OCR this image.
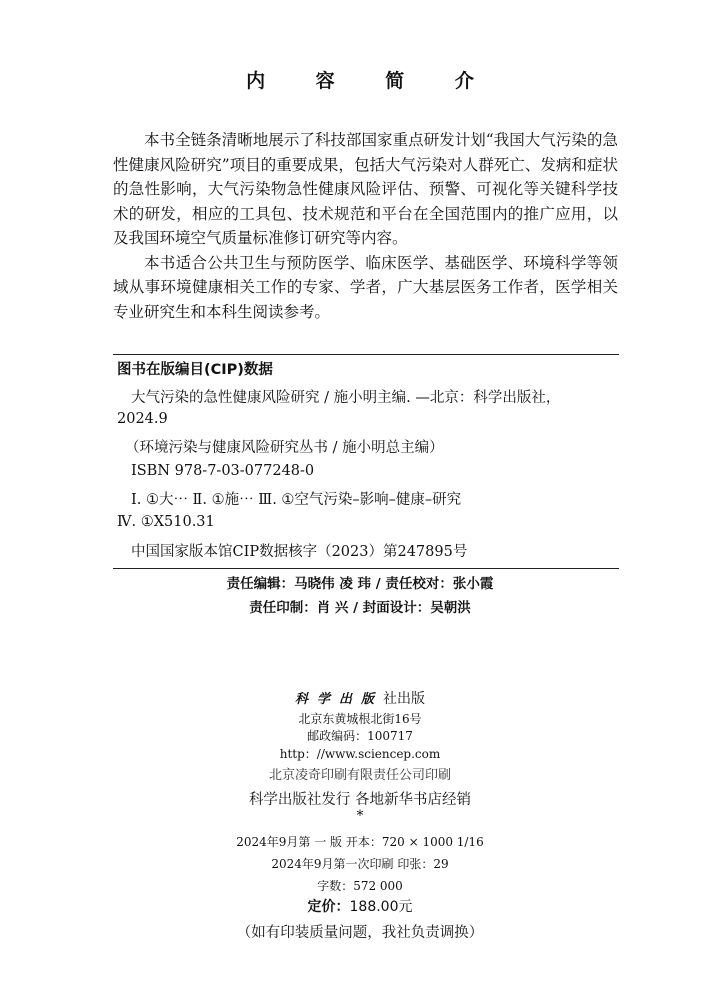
内 容 简 介

本书全链条清晰地展示了科技部国家重点研发计划“我国大气污染的急性健康风险研究”项目的重要成果，包括大气污染对人群死亡、发病和症状的急性影响，大气污染物急性健康风险评估、预警、可视化等关键科学技术的研发，相应的工具包、技术规范和平台在全国范围内的推广应用，以及我国环境空气质量标准修订研究等内容。

本书适合公共卫生与预防医学、临床医学、基础医学、环境科学等领域从事环境健康相关工作的专家、学者，广大基层医务工作者，医学相关专业研究生和本科生阅读参考。

图书在版编目(CIP)数据
大气污染的急性健康风险研究 / 施小明主编. —北京：科学出版社，
2024.9
（环境污染与健康风险研究丛书 / 施小明总主编）
ISBN 978-7-03-077248-0
Ⅰ. ①大⋯ Ⅱ. ①施⋯ Ⅲ. ①空气污染–影响–健康–研究
Ⅳ. ①X510.31
中国国家版本馆CIP数据核字（2023）第247895号
责任编辑：马晓伟 凌 玮 / 责任校对：张小霞
责任印制：肖 兴 / 封面设计：吴朝洪
科学出版社出版
北京东黄城根北街16号
邮政编码：100717
http：//www.sciencep.com
北京凌奇印刷有限责任公司印刷
科学出版社发行 各地新华书店经销
*
2024年9月第 一 版 开本：720 × 1000 1/16
2024年9月第一次印刷 印张：29
字数：572 000
定价：188.00元
（如有印装质量问题，我社负责调换）
